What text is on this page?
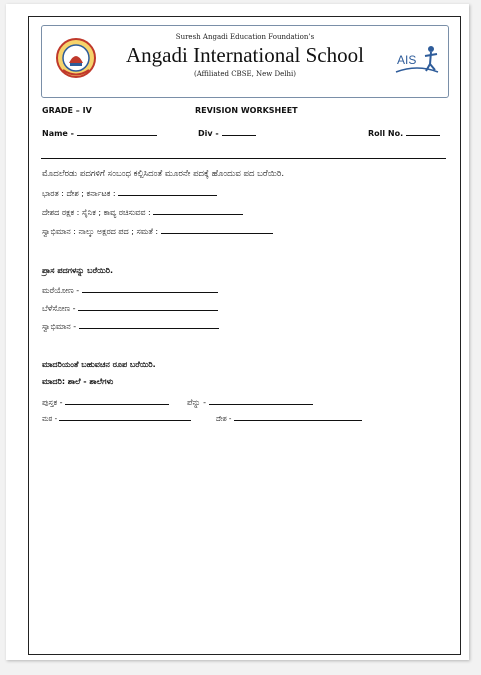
Suresh Angadi Education Foundation’s
Angadi International School
(Affiliated CBSE, New Delhi)
AIS
GRADE – IV	REVISION WORKSHEET
Name -	Div -	Roll No.
ಮೊದಲೆರಡು ಪದಗಳಿಗೆ ಸಂಬಂಧ ಕಲ್ಪಿಸಿದಂತೆ ಮೂರನೇ ಪದಕ್ಕೆ ಹೊಂದುವ ಪದ ಬರೆಯಿರಿ.
ಭಾರತ : ದೇಶ ; ಕರ್ನಾಟಕ :
ದೇಶದ ರಕ್ಷಕ : ಸೈನಿಕ ; ಕಾವ್ಯ ರಚಿಸುವವ :
ಸ್ವಾಭಿಮಾನ : ನಾಲ್ಕು ಅಕ್ಷರದ ಪದ ; ಸಮತೆ :
ಪ್ರಾಸ ಪದಗಳನ್ನು ಬರೆಯಿರಿ.
ಮರೆಯೋಣ -
ಬೆಳೆಸೋಣ -
ಸ್ವಾಭಿಮಾನ -
ಮಾದರಿಯಂತೆ ಬಹುವಚನ ರೂಪ ಬರೆಯಿರಿ.
ಮಾದರಿ: ಶಾಲೆ - ಶಾಲೆಗಳು
ಪುಸ್ತಕ -	ಪೆನ್ನು -
ಮಠ -	ದೇಶ -
